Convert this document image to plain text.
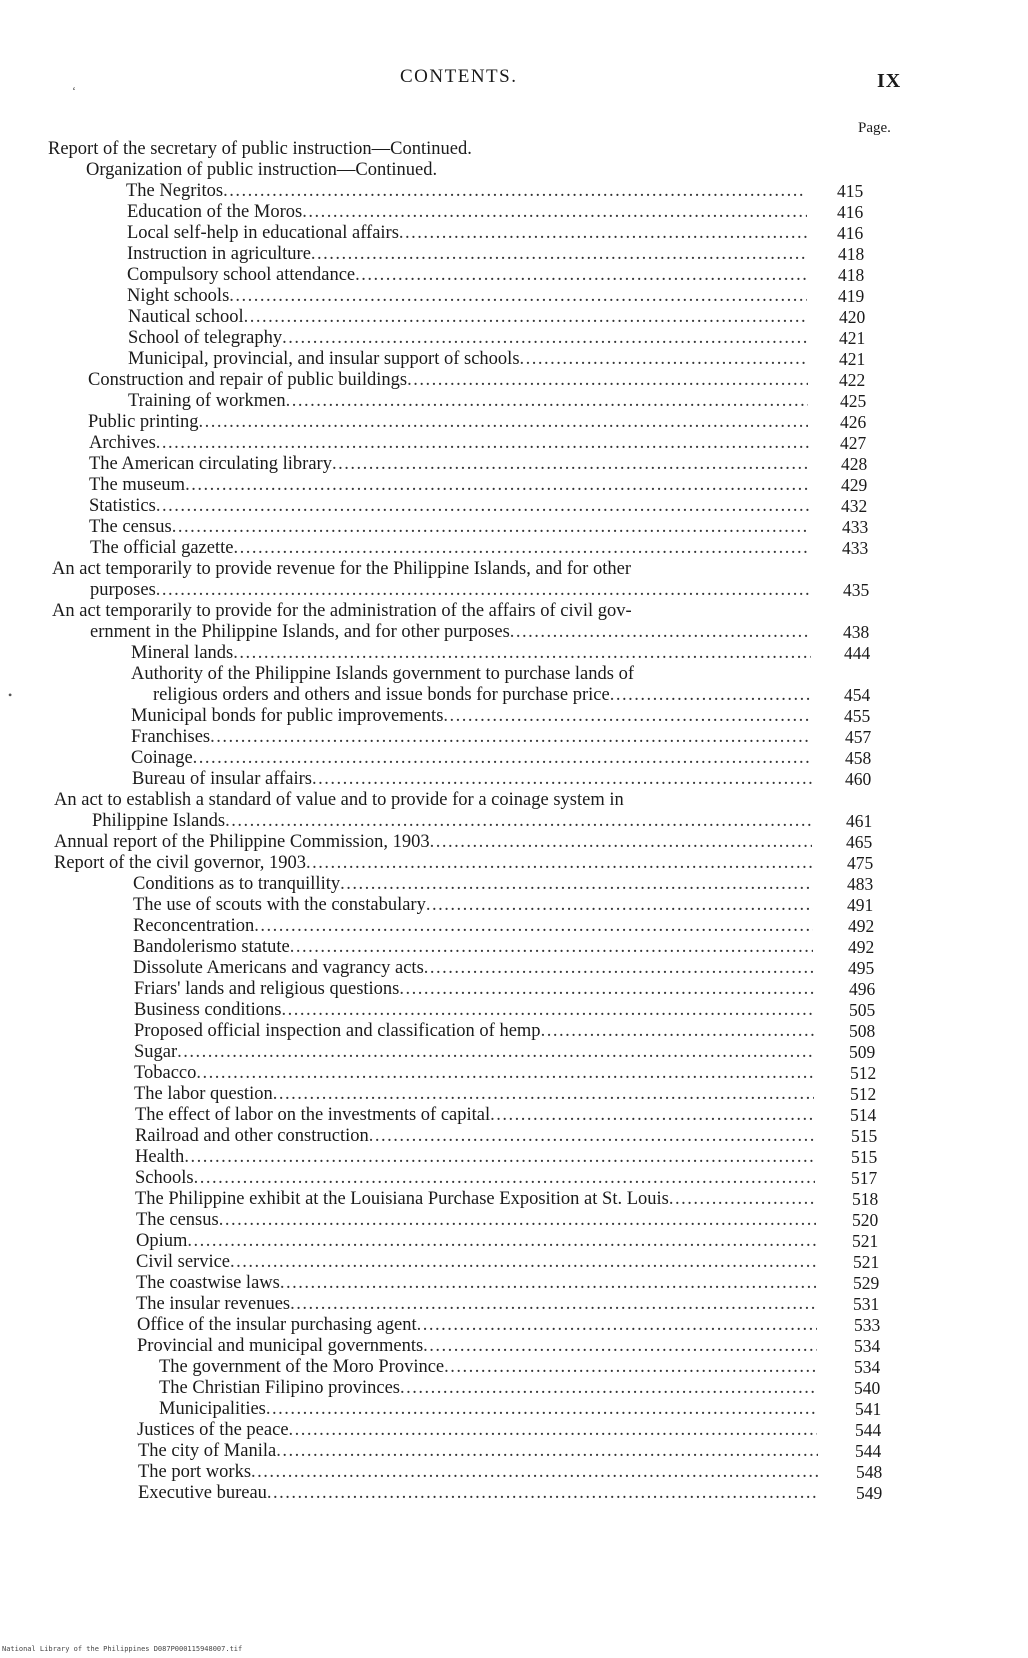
‘
•
CONTENTS.	IX
Page.
Report of the secretary of public instruction—Continued.
Organization of public instruction—Continued.
The Negritos .....	415
Education of the Moros .....	416
Local self-help in educational affairs .....	416
Instruction in agriculture .....	418
Compulsory school attendance .....	418
Night schools .....	419
Nautical school .....	420
School of telegraphy .....	421
Municipal, provincial, and insular support of schools .....	421
Construction and repair of public buildings .....	422
Training of workmen .....	425
Public printing .....	426
Archives .....	427
The American circulating library .....	428
The museum .....	429
Statistics .....	432
The census .....	433
The official gazette .....	433
An act temporarily to provide revenue for the Philippine Islands, and for other
purposes .....	435
An act temporarily to provide for the administration of the affairs of civil gov-
ernment in the Philippine Islands, and for other purposes .....	438
Mineral lands .....	444
Authority of the Philippine Islands government to purchase lands of
religious orders and others and issue bonds for purchase price .....	454
Municipal bonds for public improvements .....	455
Franchises .....	457
Coinage .....	458
Bureau of insular affairs .....	460
An act to establish a standard of value and to provide for a coinage system in
Philippine Islands .....	461
Annual report of the Philippine Commission, 1903 .....	465
Report of the civil governor, 1903 .....	475
Conditions as to tranquillity .....	483
The use of scouts with the constabulary .....	491
Reconcentration .....	492
Bandolerismo statute .....	492
Dissolute Americans and vagrancy acts .....	495
Friars' lands and religious questions .....	496
Business conditions .....	505
Proposed official inspection and classification of hemp .....	508
Sugar .....	509
Tobacco .....	512
The labor question .....	512
The effect of labor on the investments of capital .....	514
Railroad and other construction .....	515
Health .....	515
Schools .....	517
The Philippine exhibit at the Louisiana Purchase Exposition at St. Louis .....	518
The census .....	520
Opium .....	521
Civil service .....	521
The coastwise laws .....	529
The insular revenues .....	531
Office of the insular purchasing agent .....	533
Provincial and municipal governments .....	534
The government of the Moro Province .....	534
The Christian Filipino provinces .....	540
Municipalities .....	541
Justices of the peace .....	544
The city of Manila .....	544
The port works .....	548
Executive bureau .....	549
National Library of the Philippines D087P000115948007.tif
